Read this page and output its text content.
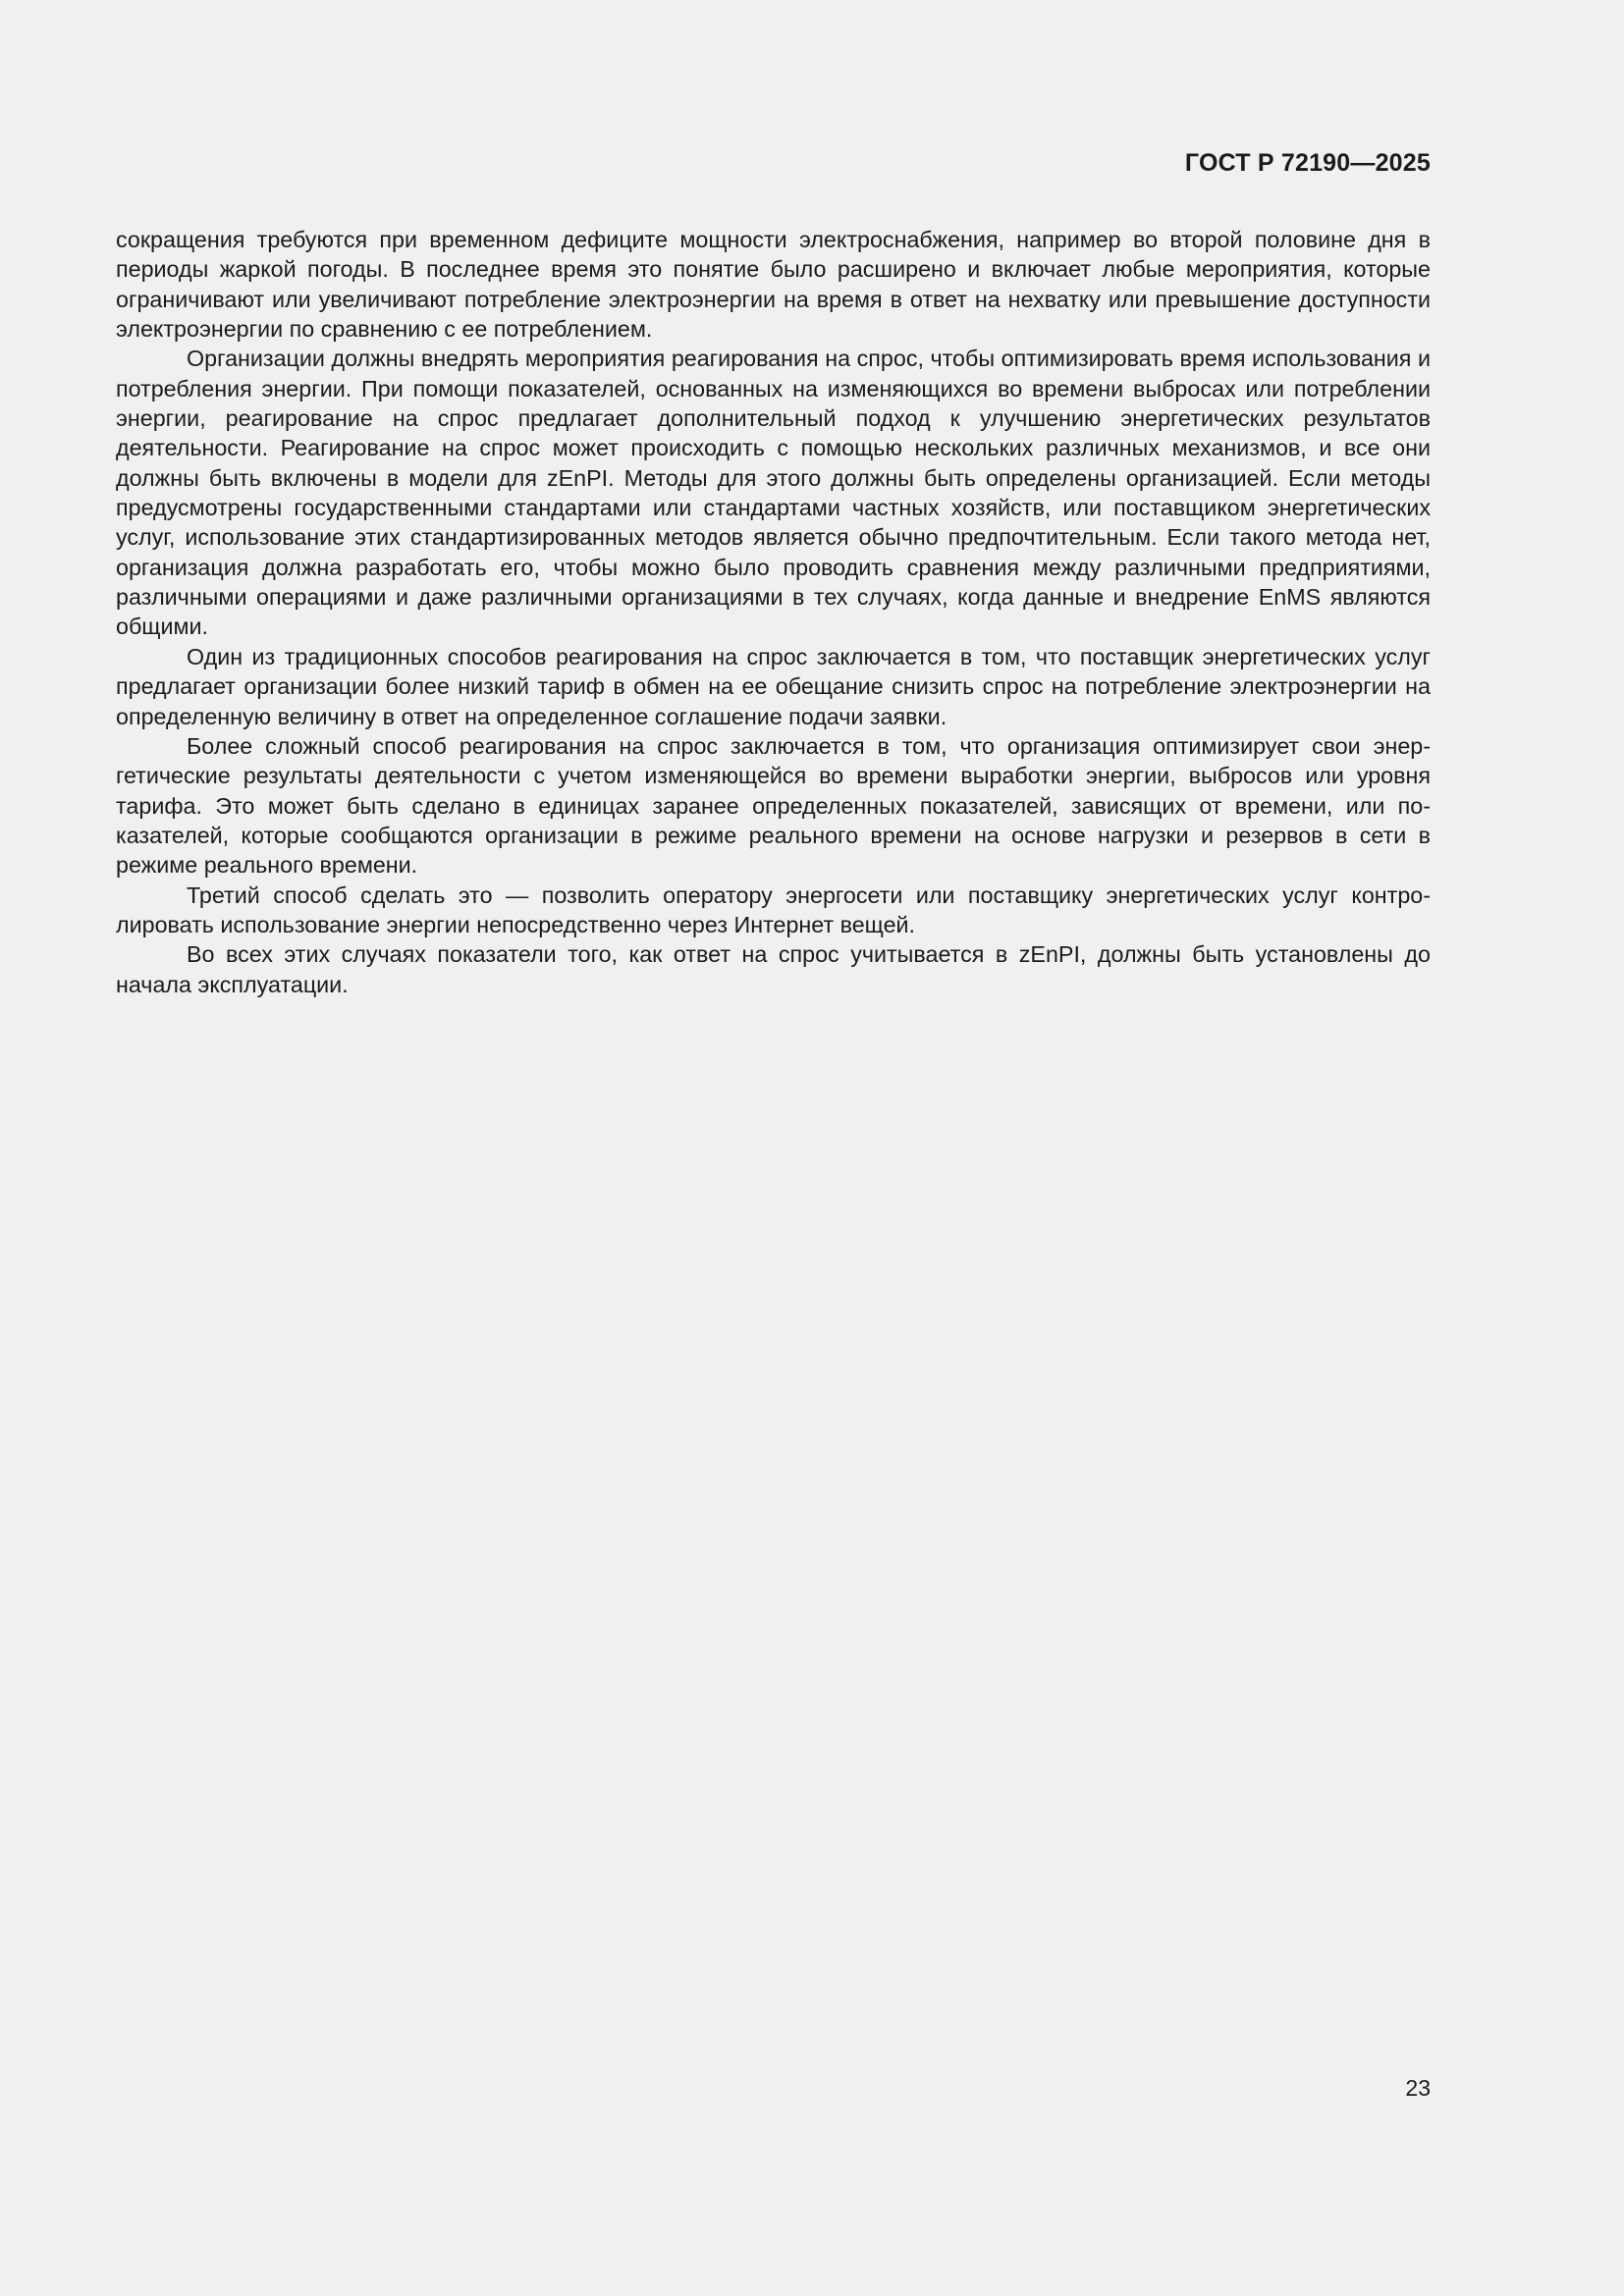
ГОСТ Р 72190—2025

сокращения требуются при временном дефиците мощности электроснабжения, например во второй половине дня в периоды жаркой погоды. В последнее время это понятие было расширено и включает любые мероприятия, которые ограничивают или увеличивают потребление электроэнергии на время в ответ на нехватку или превышение доступности электроэнергии по сравнению с ее потреблением.

Организации должны внедрять мероприятия реагирования на спрос, чтобы оптимизировать время использования и потребления энергии. При помощи показателей, основанных на изменяющихся во времени выбросах или потреблении энергии, реагирование на спрос предлагает дополнительный подход к улучшению энергетических результатов деятельности. Реагирование на спрос может происходить с помощью нескольких различных механизмов, и все они должны быть включены в модели для zEnPI. Методы для этого должны быть определены организацией. Если методы предусмотрены государственными стандартами или стандартами частных хозяйств, или поставщиком энергетических услуг, использование этих стандартизированных методов является обычно предпочтительным. Если такого метода нет, организация должна разработать его, чтобы можно было проводить сравнения между различными предприятиями, различными операциями и даже различными организациями в тех случаях, когда данные и внедрение EnMS являются общими.

Один из традиционных способов реагирования на спрос заключается в том, что поставщик энергетических услуг предлагает организации более низкий тариф в обмен на ее обещание снизить спрос на потребление электроэнергии на определенную величину в ответ на определенное соглашение подачи заявки.

Более сложный способ реагирования на спрос заключается в том, что организация оптимизирует свои энергетические результаты деятельности с учетом изменяющейся во времени выработки энергии, выбросов или уровня тарифа. Это может быть сделано в единицах заранее определенных показателей, зависящих от времени, или показателей, которые сообщаются организации в режиме реального времени на основе нагрузки и резервов в сети в режиме реального времени.

Третий способ сделать это — позволить оператору энергосети или поставщику энергетических услуг контролировать использование энергии непосредственно через Интернет вещей.

Во всех этих случаях показатели того, как ответ на спрос учитывается в zEnPI, должны быть установлены до начала эксплуатации.

23
